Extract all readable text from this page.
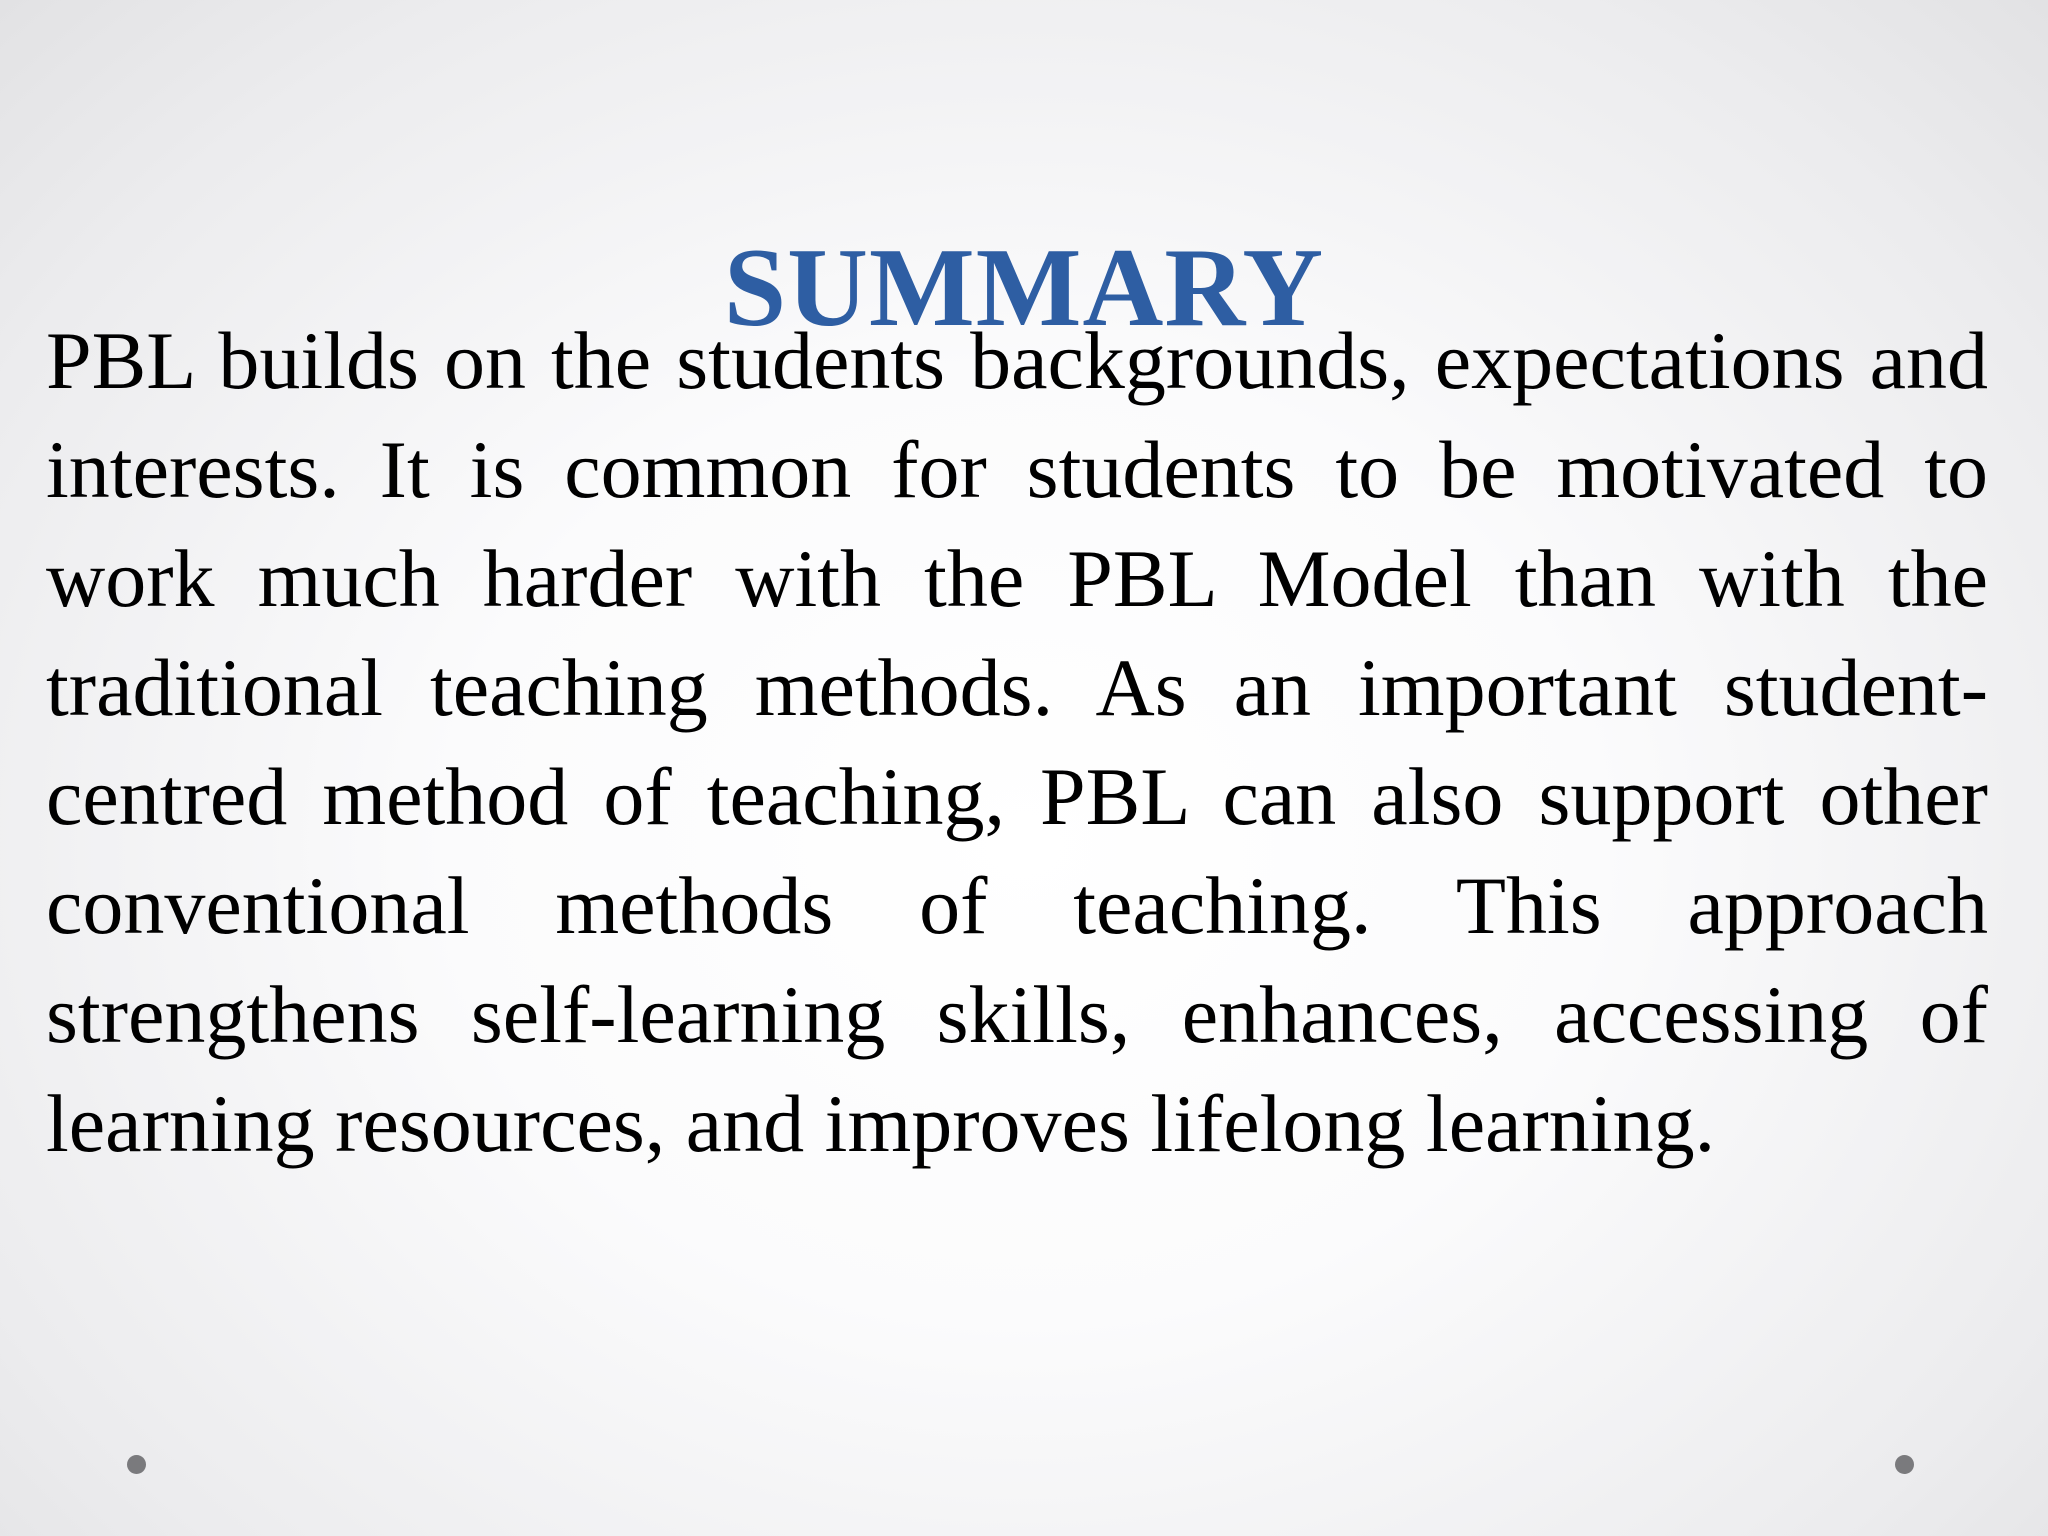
SUMMARY

PBL builds on the students backgrounds, expectations and interests. It is common for students to be motivated to work much harder with the PBL Model than with the traditional teaching methods. As an important student-centred method of teaching, PBL can also support other conventional methods of teaching. This approach strengthens self-learning skills, enhances, accessing of learning resources, and improves lifelong learning.
